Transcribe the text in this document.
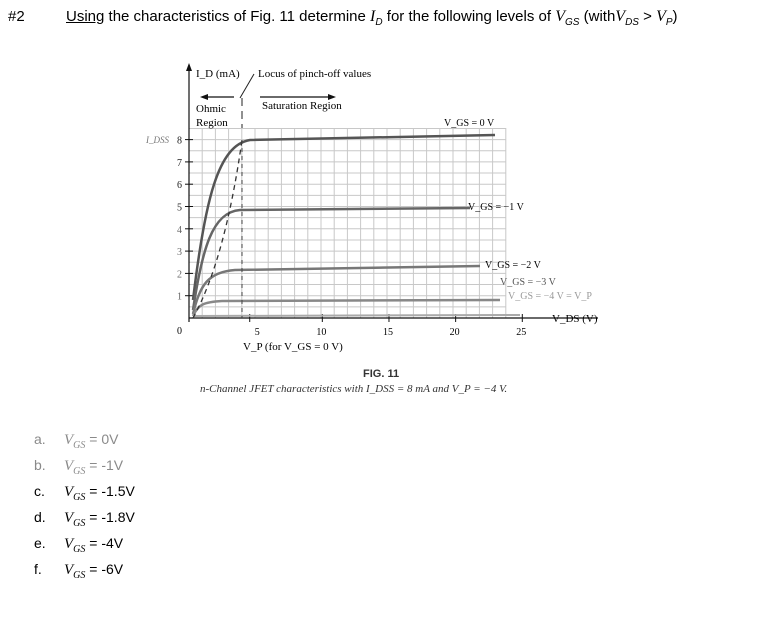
#2	Using the characteristics of Fig. 11 determine $I_D$ for the following levels of $V_{GS}$ (withV$_{DS}$ > $V_P$)
8
7
6
5
4
3
2
1
0	5	10	15	20	25
I_D (mA) Locus of pinch-off values
Ohmic
Region
Saturation Region
I_DSS
V_GS = 0 V
V_GS = −1 V
V_GS = −2 V
V_GS = −3 V
V_GS = −4 V = V_P
V_DS (V)
V_P (for V_GS = 0 V)
FIG. 11
n-Channel JFET characteristics with I_DSS = 8 mA and V_P = −4 V.
a. $V_{GS} = 0V$
b. $V_{GS} = -1V$
c. $V_{GS} = -1.5V$
d. $V_{GS} = -1.8V$
e. $V_{GS} = -4V$
f. $V_{GS} = -6V$
